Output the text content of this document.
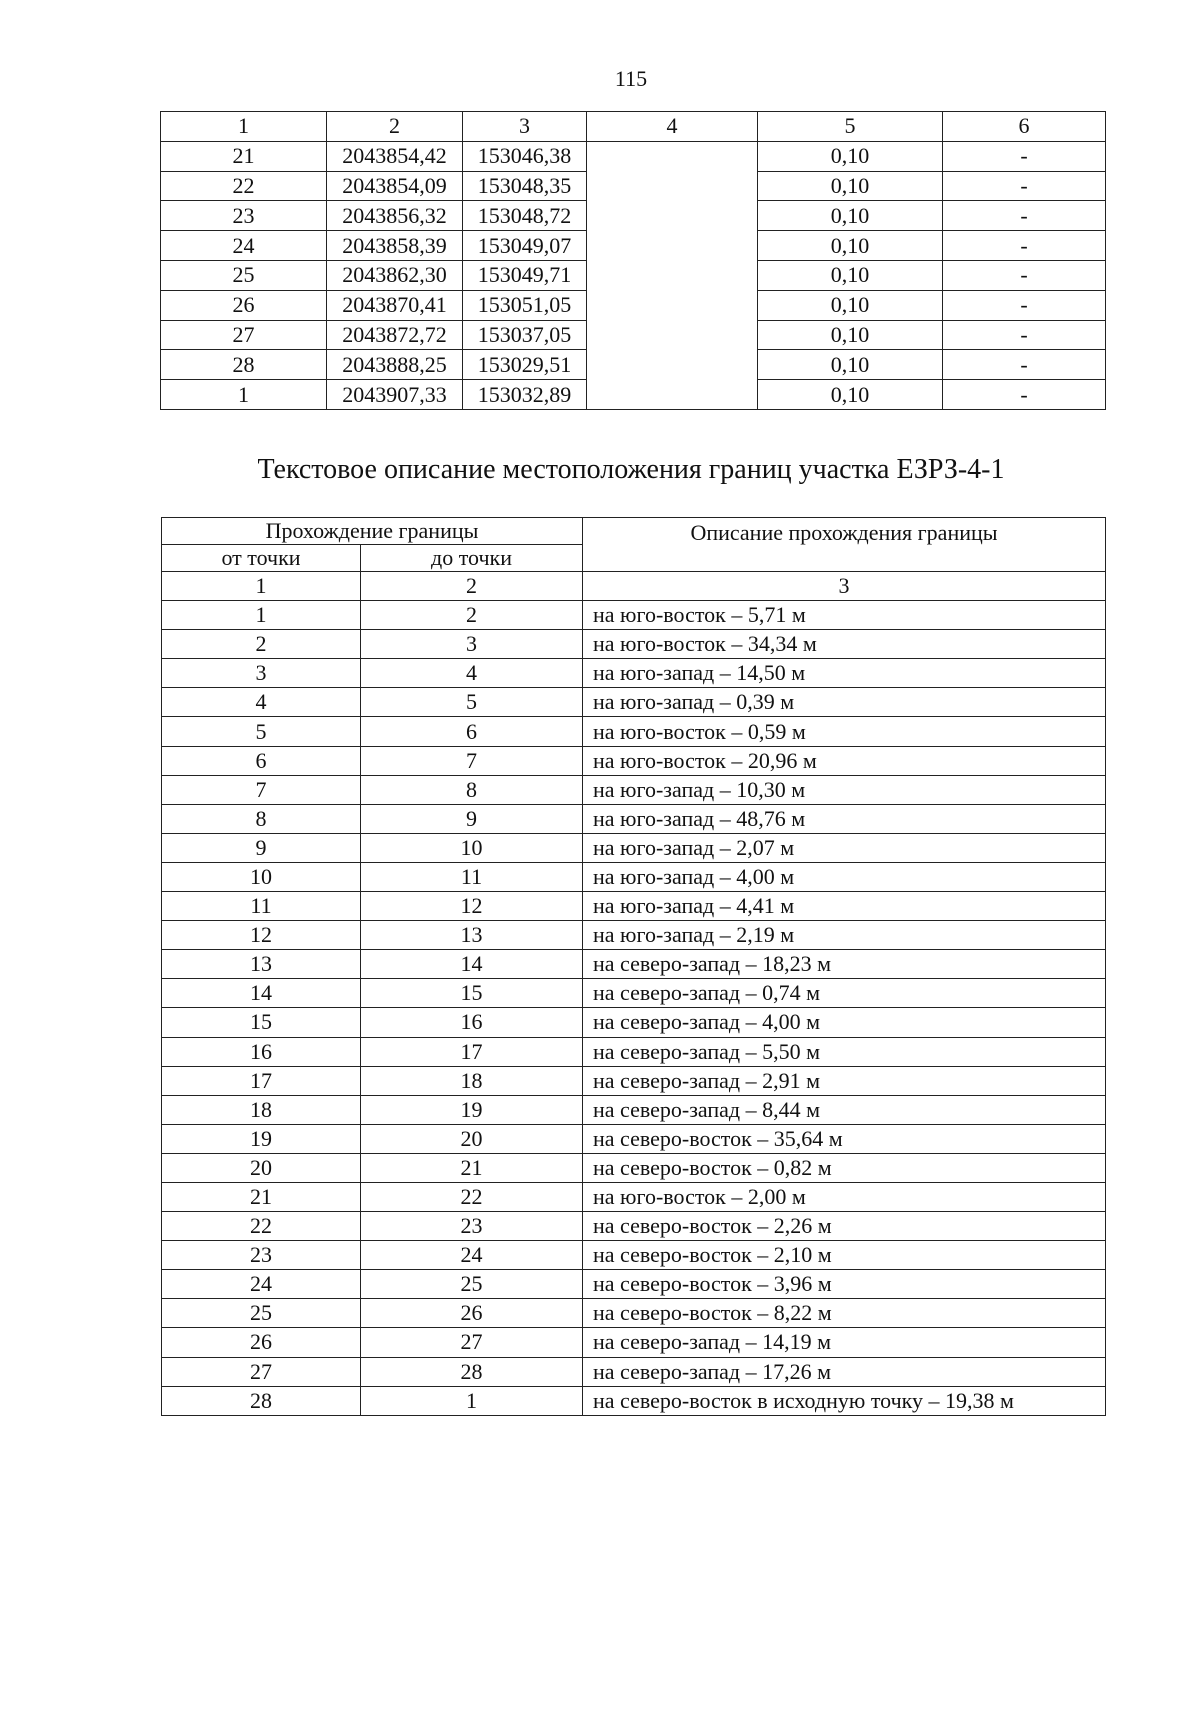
115
1	2	3	4	5	6
21	2043854,42	153046,38		0,10	-
22	2043854,09	153048,35		0,10	-
23	2043856,32	153048,72		0,10	-
24	2043858,39	153049,07		0,10	-
25	2043862,30	153049,71		0,10	-
26	2043870,41	153051,05		0,10	-
27	2043872,72	153037,05		0,10	-
28	2043888,25	153029,51		0,10	-
1	2043907,33	153032,89		0,10	-
Текстовое описание местоположения границ участка ЕЗРЗ-4-1
Прохождение границы		Описание прохождения границы
от точки	до точки	
1	2	3
1	2	на юго-восток – 5,71 м
2	3	на юго-восток – 34,34 м
3	4	на юго-запад – 14,50 м
4	5	на юго-запад – 0,39 м
5	6	на юго-восток – 0,59 м
6	7	на юго-восток – 20,96 м
7	8	на юго-запад – 10,30 м
8	9	на юго-запад – 48,76 м
9	10	на юго-запад – 2,07 м
10	11	на юго-запад – 4,00 м
11	12	на юго-запад – 4,41 м
12	13	на юго-запад – 2,19 м
13	14	на северо-запад – 18,23 м
14	15	на северо-запад – 0,74 м
15	16	на северо-запад – 4,00 м
16	17	на северо-запад – 5,50 м
17	18	на северо-запад – 2,91 м
18	19	на северо-запад – 8,44 м
19	20	на северо-восток – 35,64 м
20	21	на северо-восток – 0,82 м
21	22	на юго-восток – 2,00 м
22	23	на северо-восток – 2,26 м
23	24	на северо-восток – 2,10 м
24	25	на северо-восток – 3,96 м
25	26	на северо-восток – 8,22 м
26	27	на северо-запад – 14,19 м
27	28	на северо-запад – 17,26 м
28	1	на северо-восток в исходную точку – 19,38 м
